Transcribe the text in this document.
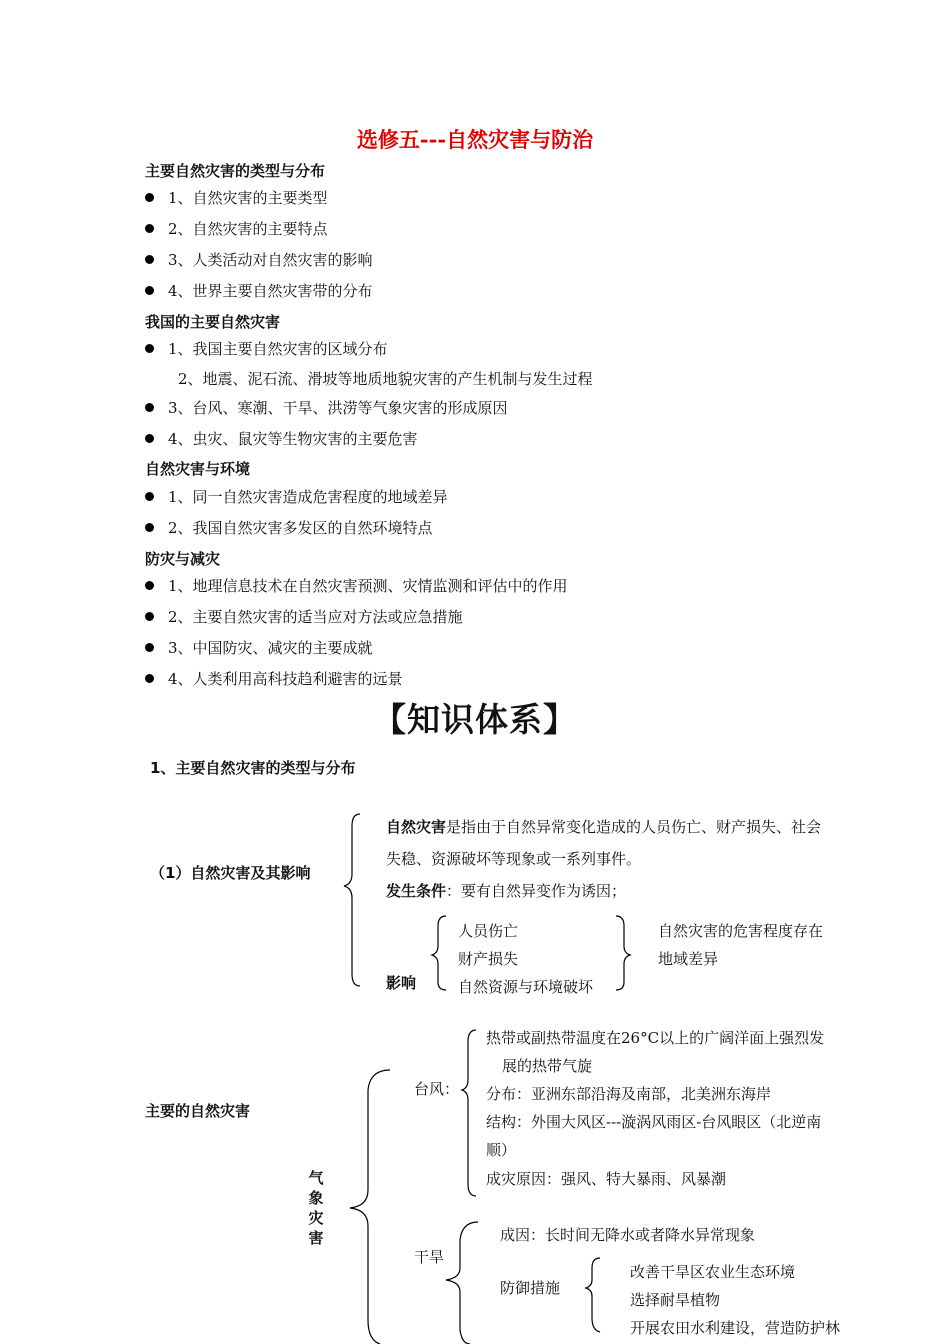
选修五---自然灾害与防治
主要自然灾害的类型与分布
1、自然灾害的主要类型
2、自然灾害的主要特点
3、人类活动对自然灾害的影响
4、世界主要自然灾害带的分布
我国的主要自然灾害
1、我国主要自然灾害的区域分布
2、地震、泥石流、滑坡等地质地貌灾害的产生机制与发生过程
3、台风、寒潮、干旱、洪涝等气象灾害的形成原因
4、虫灾、鼠灾等生物灾害的主要危害
自然灾害与环境
1、同一自然灾害造成危害程度的地域差异
2、我国自然灾害多发区的自然环境特点
防灾与减灾
1、地理信息技术在自然灾害预测、灾情监测和评估中的作用
2、主要自然灾害的适当应对方法或应急措施
3、中国防灾、减灾的主要成就
4、人类利用高科技趋利避害的远景
【知识体系】
1、主要自然灾害的类型与分布
（1）自然灾害及其影响
自然灾害是指由于自然异常变化造成的人员伤亡、财产损失、社会
失稳、资源破坏等现象或一系列事件。
发生条件：要有自然异变作为诱因；
影响
人员伤亡
财产损失
自然资源与环境破坏
自然灾害的危害程度存在
地域差异
主要的自然灾害
气象灾害
台风：
热带或副热带温度在26°C以上的广阔洋面上强烈发
展的热带气旋
分布：亚洲东部沿海及南部，北美洲东海岸
结构：外围大风区---漩涡风雨区-台风眼区（北逆南
顺）
成灾原因：强风、特大暴雨、风暴潮
干旱
成因：长时间无降水或者降水异常现象
防御措施
改善干旱区农业生态环境
选择耐旱植物
开展农田水利建设，营造防护林
